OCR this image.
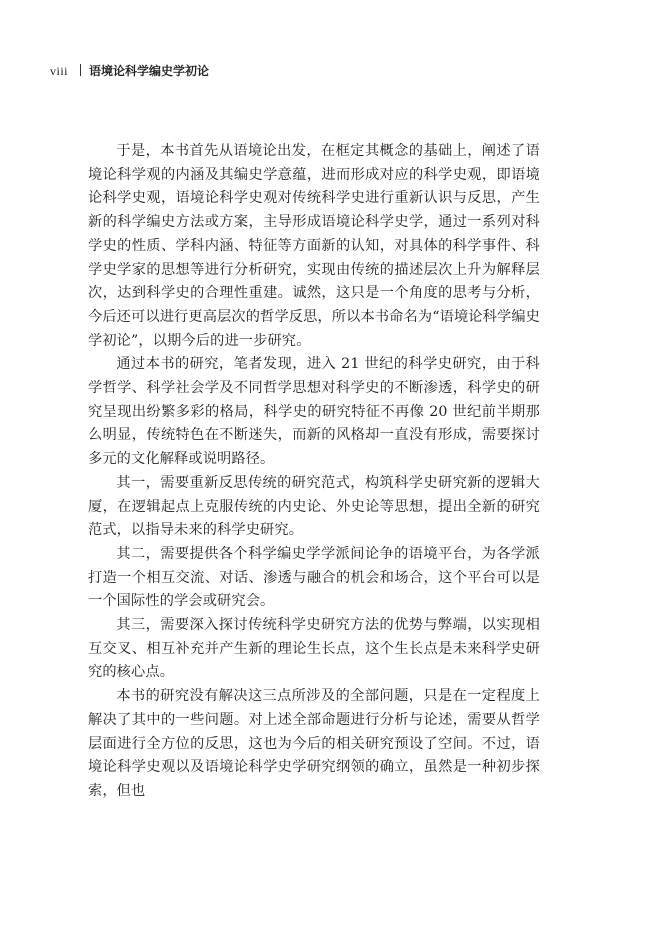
viii 语境论科学编史学初论

于是，本书首先从语境论出发，在框定其概念的基础上，阐述了语境论科学观的内涵及其编史学意蕴，进而形成对应的科学史观，即语境论科学史观，语境论科学史观对传统科学史进行重新认识与反思，产生新的科学编史方法或方案，主导形成语境论科学史学，通过一系列对科学史的性质、学科内涵、特征等方面新的认知，对具体的科学事件、科学史学家的思想等进行分析研究，实现由传统的描述层次上升为解释层次，达到科学史的合理性重建。诚然，这只是一个角度的思考与分析，今后还可以进行更高层次的哲学反思，所以本书命名为“语境论科学编史学初论”，以期今后的进一步研究。

通过本书的研究，笔者发现，进入 21 世纪的科学史研究，由于科学哲学、科学社会学及不同哲学思想对科学史的不断渗透，科学史的研究呈现出纷繁多彩的格局，科学史的研究特征不再像 20 世纪前半期那么明显，传统特色在不断迷失，而新的风格却一直没有形成，需要探讨多元的文化解释或说明路径。

其一，需要重新反思传统的研究范式，构筑科学史研究新的逻辑大厦，在逻辑起点上克服传统的内史论、外史论等思想，提出全新的研究范式，以指导未来的科学史研究。

其二，需要提供各个科学编史学学派间论争的语境平台，为各学派打造一个相互交流、对话、渗透与融合的机会和场合，这个平台可以是一个国际性的学会或研究会。

其三，需要深入探讨传统科学史研究方法的优势与弊端，以实现相互交叉、相互补充并产生新的理论生长点，这个生长点是未来科学史研究的核心点。

本书的研究没有解决这三点所涉及的全部问题，只是在一定程度上解决了其中的一些问题。对上述全部命题进行分析与论述，需要从哲学层面进行全方位的反思，这也为今后的相关研究预设了空间。不过，语境论科学史观以及语境论科学史学研究纲领的确立，虽然是一种初步探索，但也
